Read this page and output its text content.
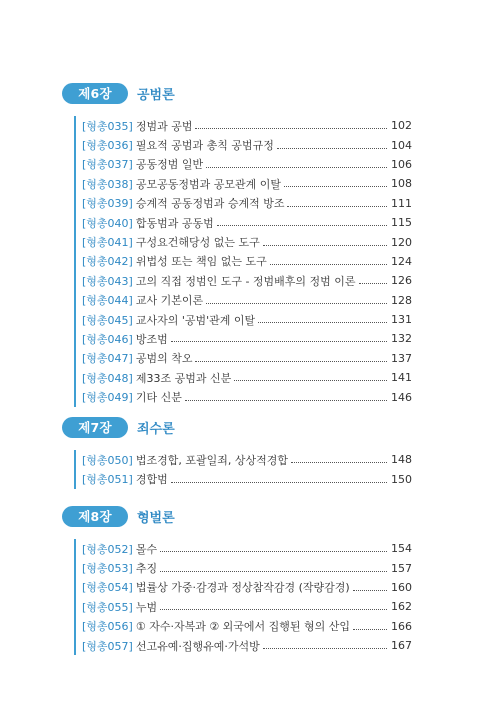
제6장	공범론
[형총035] 정범과 공범	102
[형총036] 필요적 공범과 총칙 공범규정	104
[형총037] 공동정범 일반	106
[형총038] 공모공동정범과 공모관계 이탈	108
[형총039] 승계적 공동정범과 승계적 방조	111
[형총040] 합동범과 공동범	115
[형총041] 구성요건해당성 없는 도구	120
[형총042] 위법성 또는 책임 없는 도구	124
[형총043] 고의 직접 정범인 도구 - 정범배후의 정범 이론	126
[형총044] 교사 기본이론	128
[형총045] 교사자의 '공범'관계 이탈	131
[형총046] 방조범	132
[형총047] 공범의 착오	137
[형총048] 제33조 공범과 신분	141
[형총049] 기타 신분	146
제7장	죄수론
[형총050] 법조경합, 포괄일죄, 상상적경합	148
[형총051] 경합범	150
제8장	형벌론
[형총052] 몰수	154
[형총053] 추징	157
[형총054] 법률상 가중·감경과 정상참작감경 (작량감경)	160
[형총055] 누범	162
[형총056] ① 자수·자복과 ② 외국에서 집행된 형의 산입	166
[형총057] 선고유예·집행유예·가석방	167
